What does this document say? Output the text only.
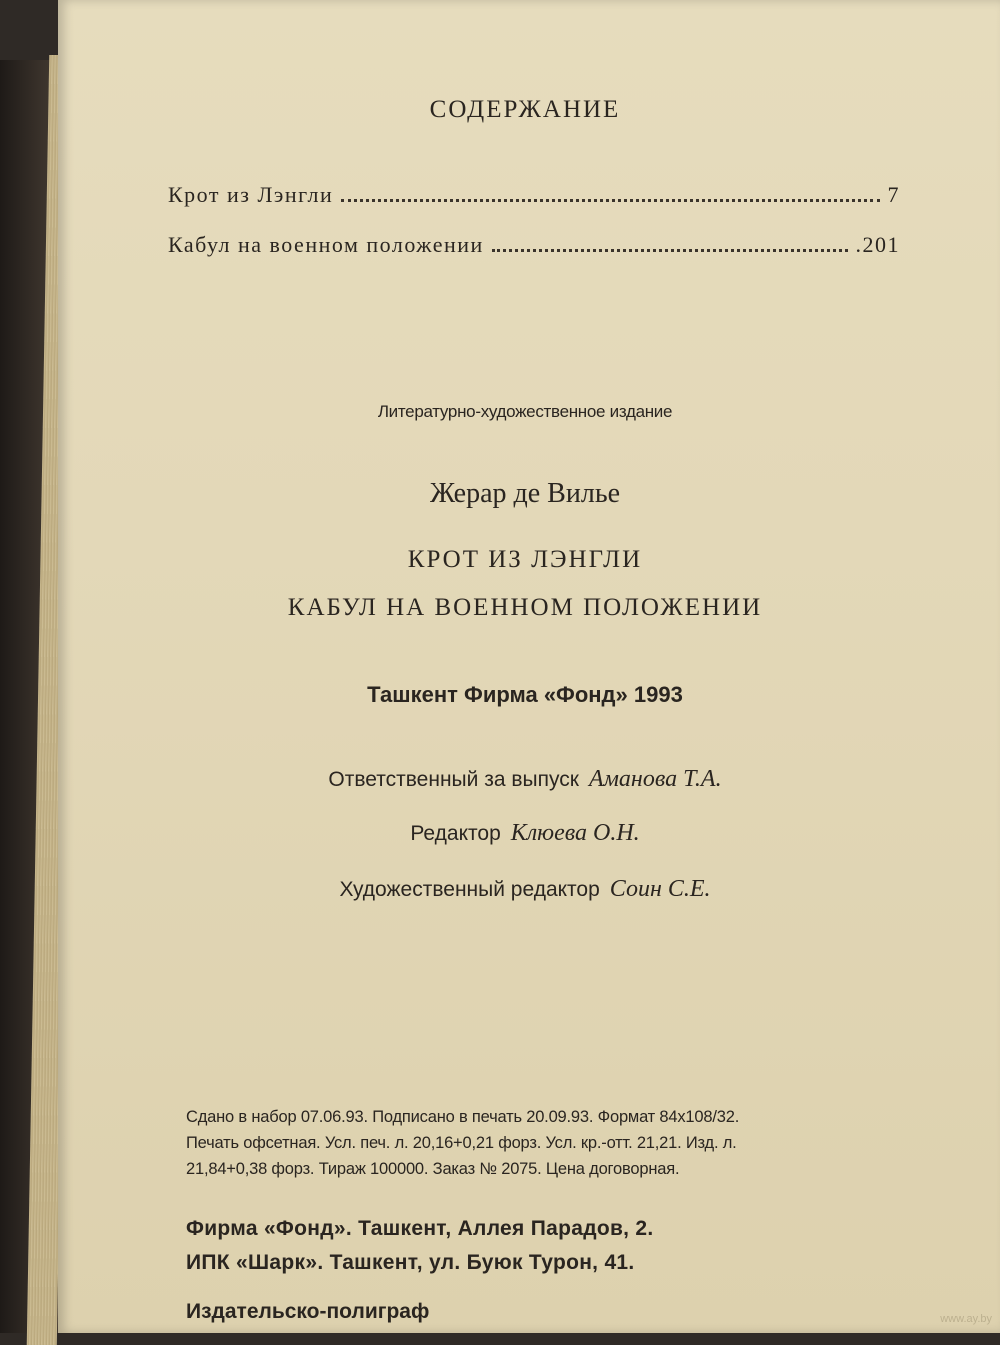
СОДЕРЖАНИЕ
Крот из Лэнгли	7
Кабул на военном положении	.201
Литературно-художественное издание
Жерар де Вилье
КРОТ ИЗ ЛЭНГЛИ
КАБУЛ НА ВОЕННОМ ПОЛОЖЕНИИ
Ташкент Фирма «Фонд» 1993
Ответственный за выпуск Аманова Т.А.
Редактор Клюева О.Н.
Художественный редактор Соин С.Е.
Сдано в набор 07.06.93. Подписано в печать 20.09.93. Формат 84х108/32.
Печать офсетная. Усл. печ. л. 20,16+0,21 форз. Усл. кр.-отт. 21,21. Изд. л.
21,84+0,38 форз. Тираж 100000. Заказ № 2075. Цена договорная.
Фирма «Фонд». Ташкент, Аллея Парадов, 2.
ИПК «Шарк». Ташкент, ул. Буюк Турон, 41.
Издательско-полиграф	www.ay.by
